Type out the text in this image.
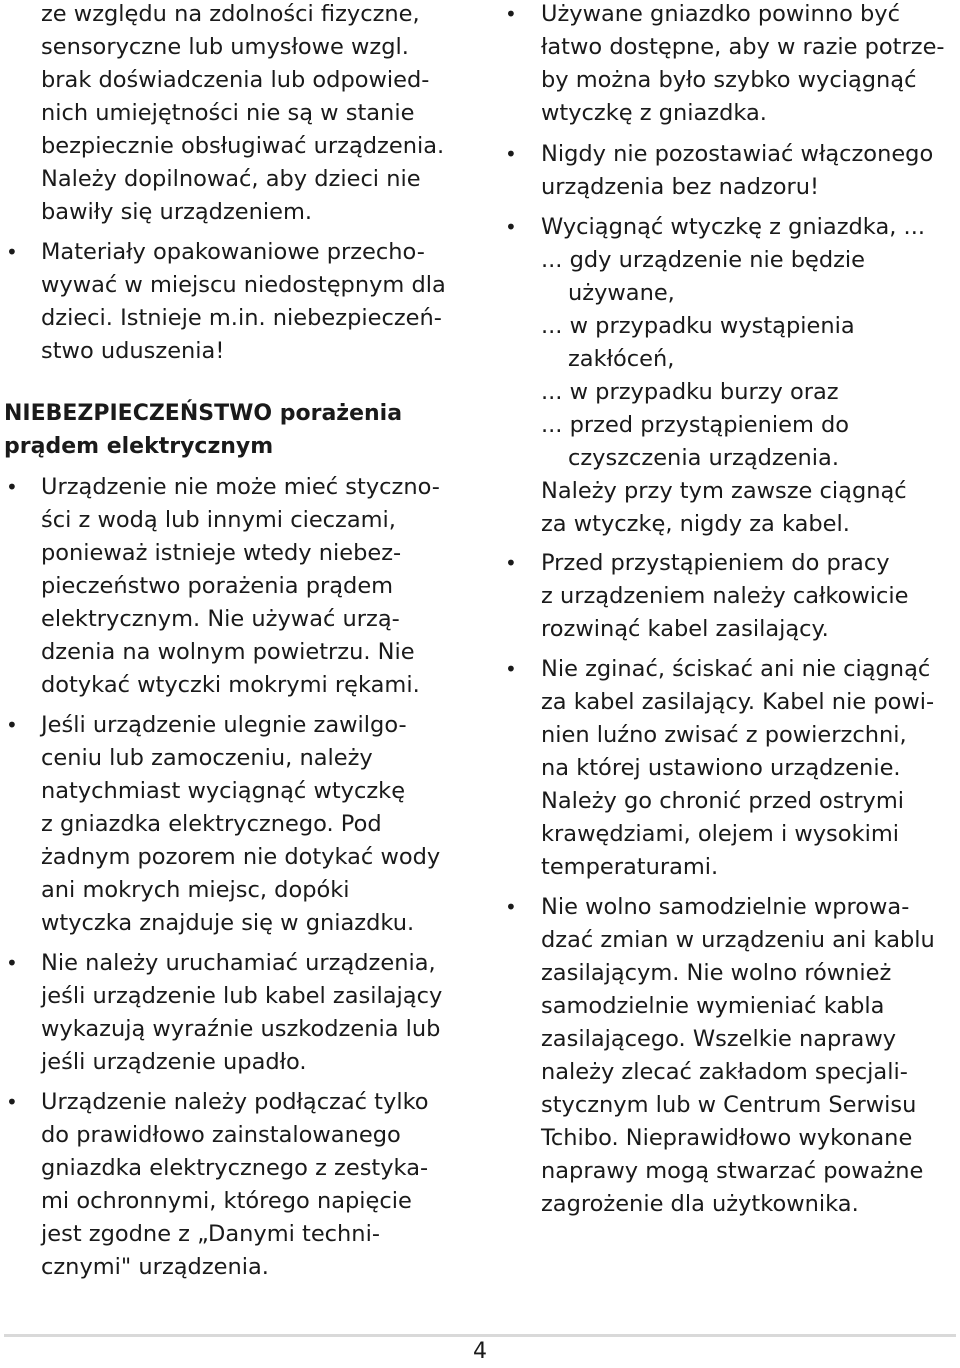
ze względu na zdolności fizyczne,
sensoryczne lub umysłowe wzgl.
brak doświadczenia lub odpowied-
nich umiejętności nie są w stanie
bezpiecznie obsługiwać urządzenia.
Należy dopilnować, aby dzieci nie
bawiły się urządzeniem.
• Materiały opakowaniowe przecho-
wywać w miejscu niedostępnym dla
dzieci. Istnieje m.in. niebezpieczeń-
stwo uduszenia!
NIEBEZPIECZEŃSTWO porażenia
prądem elektrycznym
• Urządzenie nie może mieć styczno-
ści z wodą lub innymi cieczami,
ponieważ istnieje wtedy niebez-
pieczeństwo porażenia prądem
elektrycznym. Nie używać urzą-
dzenia na wolnym powietrzu. Nie
dotykać wtyczki mokrymi rękami.
• Jeśli urządzenie ulegnie zawilgo-
ceniu lub zamoczeniu, należy
natychmiast wyciągnąć wtyczkę
z gniazdka elektrycznego. Pod
żadnym pozorem nie dotykać wody
ani mokrych miejsc, dopóki
wtyczka znajduje się w gniazdku.
• Nie należy uruchamiać urządzenia,
jeśli urządzenie lub kabel zasilający
wykazują wyraźnie uszkodzenia lub
jeśli urządzenie upadło.
• Urządzenie należy podłączać tylko
do prawidłowo zainstalowanego
gniazdka elektrycznego z zestyka-
mi ochronnymi, którego napięcie
jest zgodne z „Danymi techni-
cznymi" urządzenia.
• Używane gniazdko powinno być
łatwo dostępne, aby w razie potrze-
by można było szybko wyciągnąć
wtyczkę z gniazdka.
• Nigdy nie pozostawiać włączonego
urządzenia bez nadzoru!
• Wyciągnąć wtyczkę z gniazdka, ...
... gdy urządzenie nie będzie
używane,
... w przypadku wystąpienia
zakłóceń,
... w przypadku burzy oraz
... przed przystąpieniem do
czyszczenia urządzenia.
Należy przy tym zawsze ciągnąć
za wtyczkę, nigdy za kabel.
• Przed przystąpieniem do pracy
z urządzeniem należy całkowicie
rozwinąć kabel zasilający.
• Nie zginać, ściskać ani nie ciągnąć
za kabel zasilający. Kabel nie powi-
nien luźno zwisać z powierzchni,
na której ustawiono urządzenie.
Należy go chronić przed ostrymi
krawędziami, olejem i wysokimi
temperaturami.
• Nie wolno samodzielnie wprowa-
dzać zmian w urządzeniu ani kablu
zasilającym. Nie wolno również
samodzielnie wymieniać kabla
zasilającego. Wszelkie naprawy
należy zlecać zakładom specjali-
stycznym lub w Centrum Serwisu
Tchibo. Nieprawidłowo wykonane
naprawy mogą stwarzać poważne
zagrożenie dla użytkownika.
4
